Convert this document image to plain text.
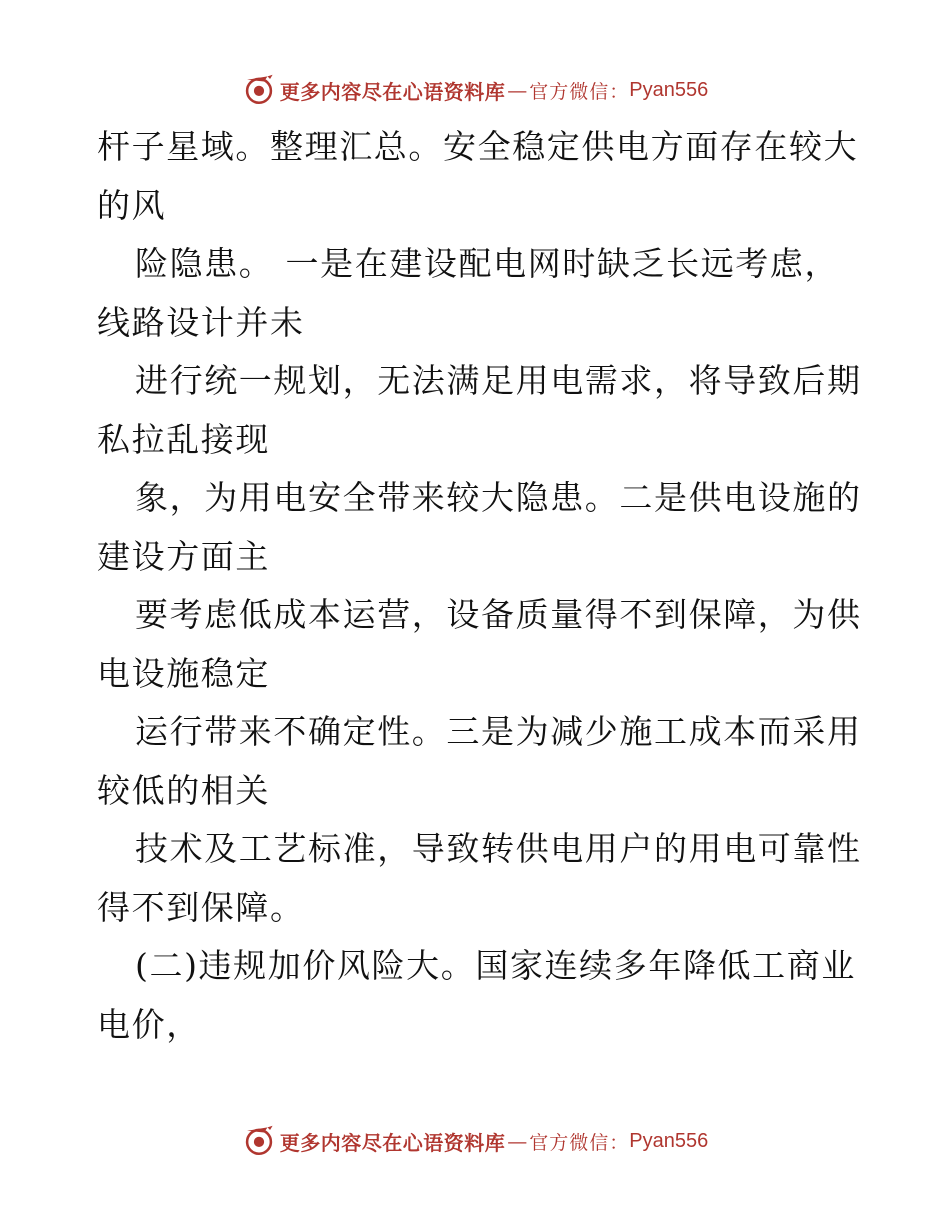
更多内容尽在心语资料库 — 官方微信： Pyan556
杆子星域。整理汇总。安全稳定供电方面存在较大
的风
险隐患。 一是在建设配电网时缺乏长远考虑，
线路设计并未
进行统一规划，无法满足用电需求，将导致后期
私拉乱接现
象，为用电安全带来较大隐患。二是供电设施的
建设方面主
要考虑低成本运营，设备质量得不到保障，为供
电设施稳定
运行带来不确定性。三是为减少施工成本而采用
较低的相关
技术及工艺标准，导致转供电用户的用电可靠性
得不到保障。
(二)违规加价风险大。国家连续多年降低工商业
电价，
更多内容尽在心语资料库 — 官方微信： Pyan556
